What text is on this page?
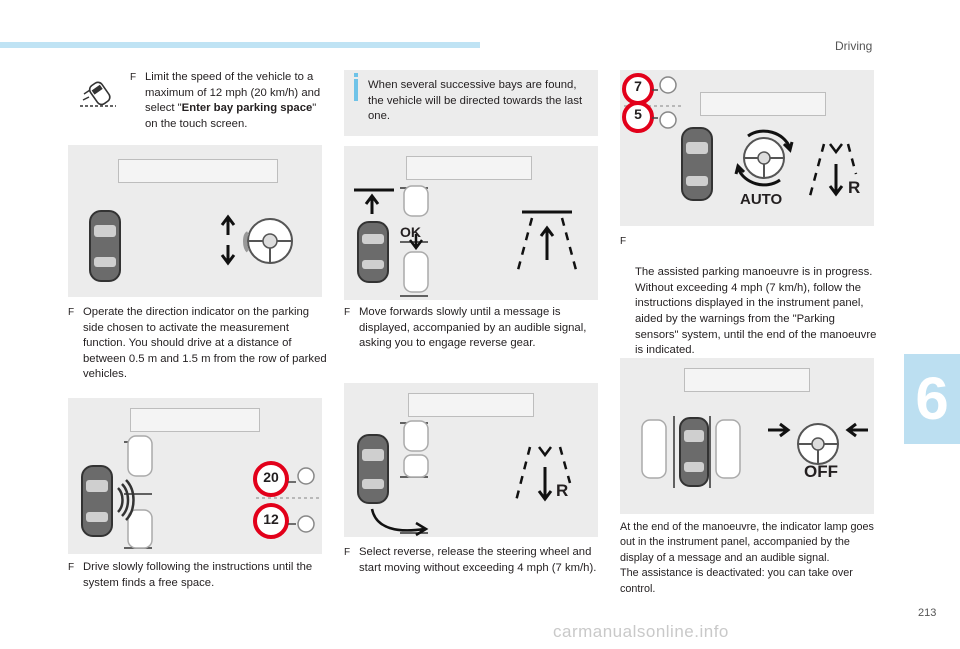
Driving
6
213
F Limit the speed of the vehicle to a maximum of 12 mph (20 km/h) and select "Enter bay parking space" on the touch screen.
F Operate the direction indicator on the parking side chosen to activate the measurement function. You should drive at a distance of between 0.5 m and 1.5 m from the row of parked vehicles.
20
12
F Drive slowly following the instructions until the system finds a free space.
When several successive bays are found, the vehicle will be directed towards the last one.
OK
F Move forwards slowly until a message is displayed, accompanied by an audible signal, asking you to engage reverse gear.
R
F Select reverse, release the steering wheel and start moving without exceeding 4 mph (7 km/h).
7
5
AUTO
R

F

The assisted parking manoeuvre is in progress.
Without exceeding 4 mph (7 km/h), follow the instructions displayed in the instrument panel, aided by the warnings from the "Parking sensors" system, until the end of the manoeuvre is indicated.

OFF
At the end of the manoeuvre, the indicator lamp goes out in the instrument panel, accompanied by the display of a message and an audible signal.
The assistance is deactivated: you can take over control.
carmanualsonline.info
